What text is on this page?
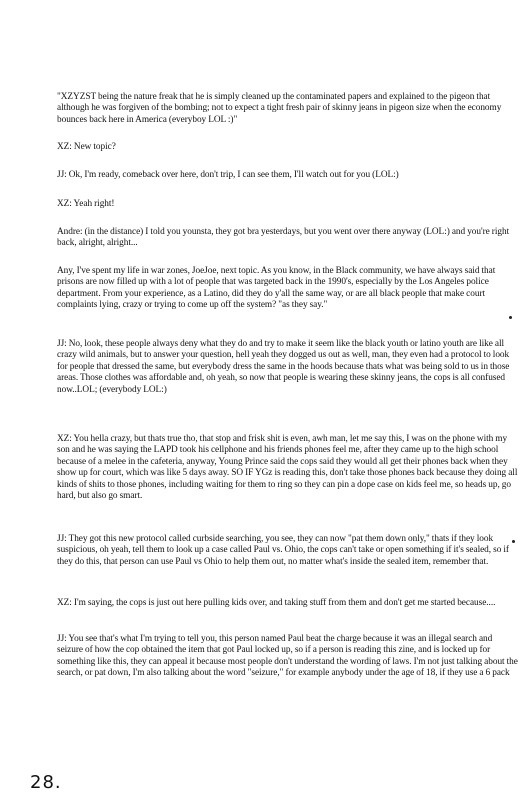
"XZYZST being the nature freak that he is simply cleaned up the contaminated papers and explained to the pigeon that although he was forgiven of the bombing; not to expect a tight fresh pair of skinny jeans in pigeon size when the economy bounces back here in America (everyboy LOL :)"

XZ: New topic?

JJ: Ok, I'm ready, comeback over here, don't trip, I can see them, I'll watch out for you (LOL:)

XZ: Yeah right!

Andre: (in the distance) I told you younsta, they got bra yesterdays, but you went over there anyway (LOL:) and you're right back, alright, alright...

Any, I've spent my life in war zones, JoeJoe, next topic. As you know, in the Black community, we have always said that prisons are now filled up with a lot of people that was targeted back in the 1990's, especially by the Los Angeles police department. From your experience, as a Latino, did they do y'all the same way, or are all black people that make court complaints lying, crazy or trying to come up off the system? "as they say."

JJ: No, look, these people always deny what they do and try to make it seem like the black youth or latino youth are like all crazy wild animals, but to answer your question, hell yeah they dogged us out as well, man, they even had a protocol to look for people that dressed the same, but everybody dress the same in the hoods because thats what was being sold to us in those areas. Those clothes was affordable and, oh yeah, so now that people is wearing these skinny jeans, the cops is all confused now..LOL; (everybody LOL:)

XZ: You hella crazy, but thats true tho, that stop and frisk shit is even, awh man, let me say this, I was on the phone with my son and he was saying the LAPD took his cellphone and his friends phones feel me, after they came up to the high school because of a melee in the cafeteria, anyway, Young Prince said the cops said they would all get their phones back when they show up for court, which was like 5 days away. SO IF YGz is reading this, don't take those phones back because they doing all kinds of shits to those phones, including waiting for them to ring so they can pin a dope case on kids feel me, so heads up, go hard, but also go smart.

JJ: They got this new protocol called curbside searching, you see, they can now "pat them down only," thats if they look suspicious, oh yeah, tell them to look up a case called Paul vs. Ohio, the cops can't take or open something if it's sealed, so if they do this, that person can use Paul vs Ohio to help them out, no matter what's inside the sealed item, remember that.

XZ: I'm saying, the cops is just out here pulling kids over, and taking stuff from them and don't get me started because....

JJ: You see that's what I'm trying to tell you, this person named Paul beat the charge because it was an illegal search and seizure of how the cop obtained the item that got Paul locked up, so if a person is reading this zine, and is locked up for something like this, they can appeal it because most people don't understand the wording of laws. I'm not just talking about the search, or pat down, I'm also talking about the word "seizure," for example anybody under the age of 18, if they use a 6 pack

28.
